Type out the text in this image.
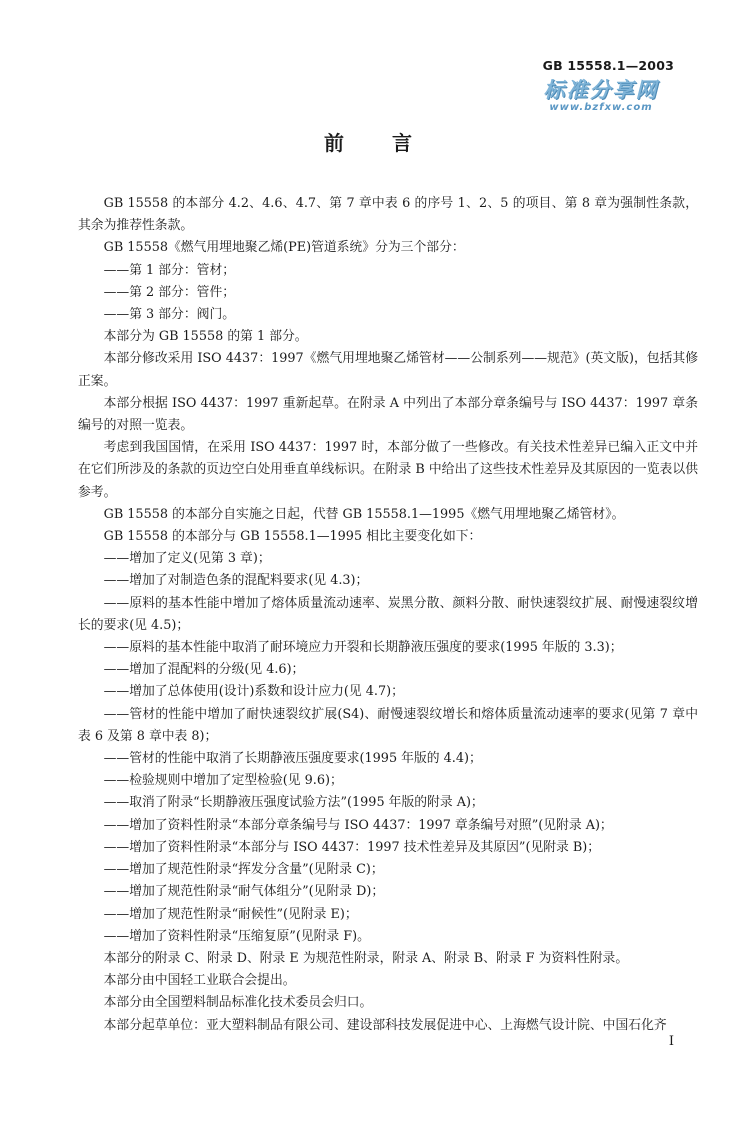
GB 15558.1—2003
标准分享网
www.bzfxw.com
前言

GB 15558 的本部分 4.2、4.6、4.7、第 7 章中表 6 的序号 1、2、5 的项目、第 8 章为强制性条款，其余为推荐性条款。

GB 15558《燃气用埋地聚乙烯(PE)管道系统》分为三个部分：

——第 1 部分：管材；

——第 2 部分：管件；

——第 3 部分：阀门。

本部分为 GB 15558 的第 1 部分。

本部分修改采用 ISO 4437：1997《燃气用埋地聚乙烯管材——公制系列——规范》(英文版)，包括其修正案。

本部分根据 ISO 4437：1997 重新起草。在附录 A 中列出了本部分章条编号与 ISO 4437：1997 章条编号的对照一览表。

考虑到我国国情，在采用 ISO 4437：1997 时，本部分做了一些修改。有关技术性差异已编入正文中并在它们所涉及的条款的页边空白处用垂直单线标识。在附录 B 中给出了这些技术性差异及其原因的一览表以供参考。

GB 15558 的本部分自实施之日起，代替 GB 15558.1—1995《燃气用埋地聚乙烯管材》。

GB 15558 的本部分与 GB 15558.1—1995 相比主要变化如下：

——增加了定义(见第 3 章)；

——增加了对制造色条的混配料要求(见 4.3)；

——原料的基本性能中增加了熔体质量流动速率、炭黑分散、颜料分散、耐快速裂纹扩展、耐慢速裂纹增长的要求(见 4.5)；

——原料的基本性能中取消了耐环境应力开裂和长期静液压强度的要求(1995 年版的 3.3)；

——增加了混配料的分级(见 4.6)；

——增加了总体使用(设计)系数和设计应力(见 4.7)；

——管材的性能中增加了耐快速裂纹扩展(S4)、耐慢速裂纹增长和熔体质量流动速率的要求(见第 7 章中表 6 及第 8 章中表 8)；

——管材的性能中取消了长期静液压强度要求(1995 年版的 4.4)；

——检验规则中增加了定型检验(见 9.6)；

——取消了附录“长期静液压强度试验方法”(1995 年版的附录 A)；

——增加了资料性附录“本部分章条编号与 ISO 4437：1997 章条编号对照”(见附录 A)；

——增加了资料性附录“本部分与 ISO 4437：1997 技术性差异及其原因”(见附录 B)；

——增加了规范性附录“挥发分含量”(见附录 C)；

——增加了规范性附录“耐气体组分”(见附录 D)；

——增加了规范性附录“耐候性”(见附录 E)；

——增加了资料性附录“压缩复原”(见附录 F)。

本部分的附录 C、附录 D、附录 E 为规范性附录，附录 A、附录 B、附录 F 为资料性附录。

本部分由中国轻工业联合会提出。

本部分由全国塑料制品标准化技术委员会归口。

本部分起草单位：亚大塑料制品有限公司、建设部科技发展促进中心、上海燃气设计院、中国石化齐

I
